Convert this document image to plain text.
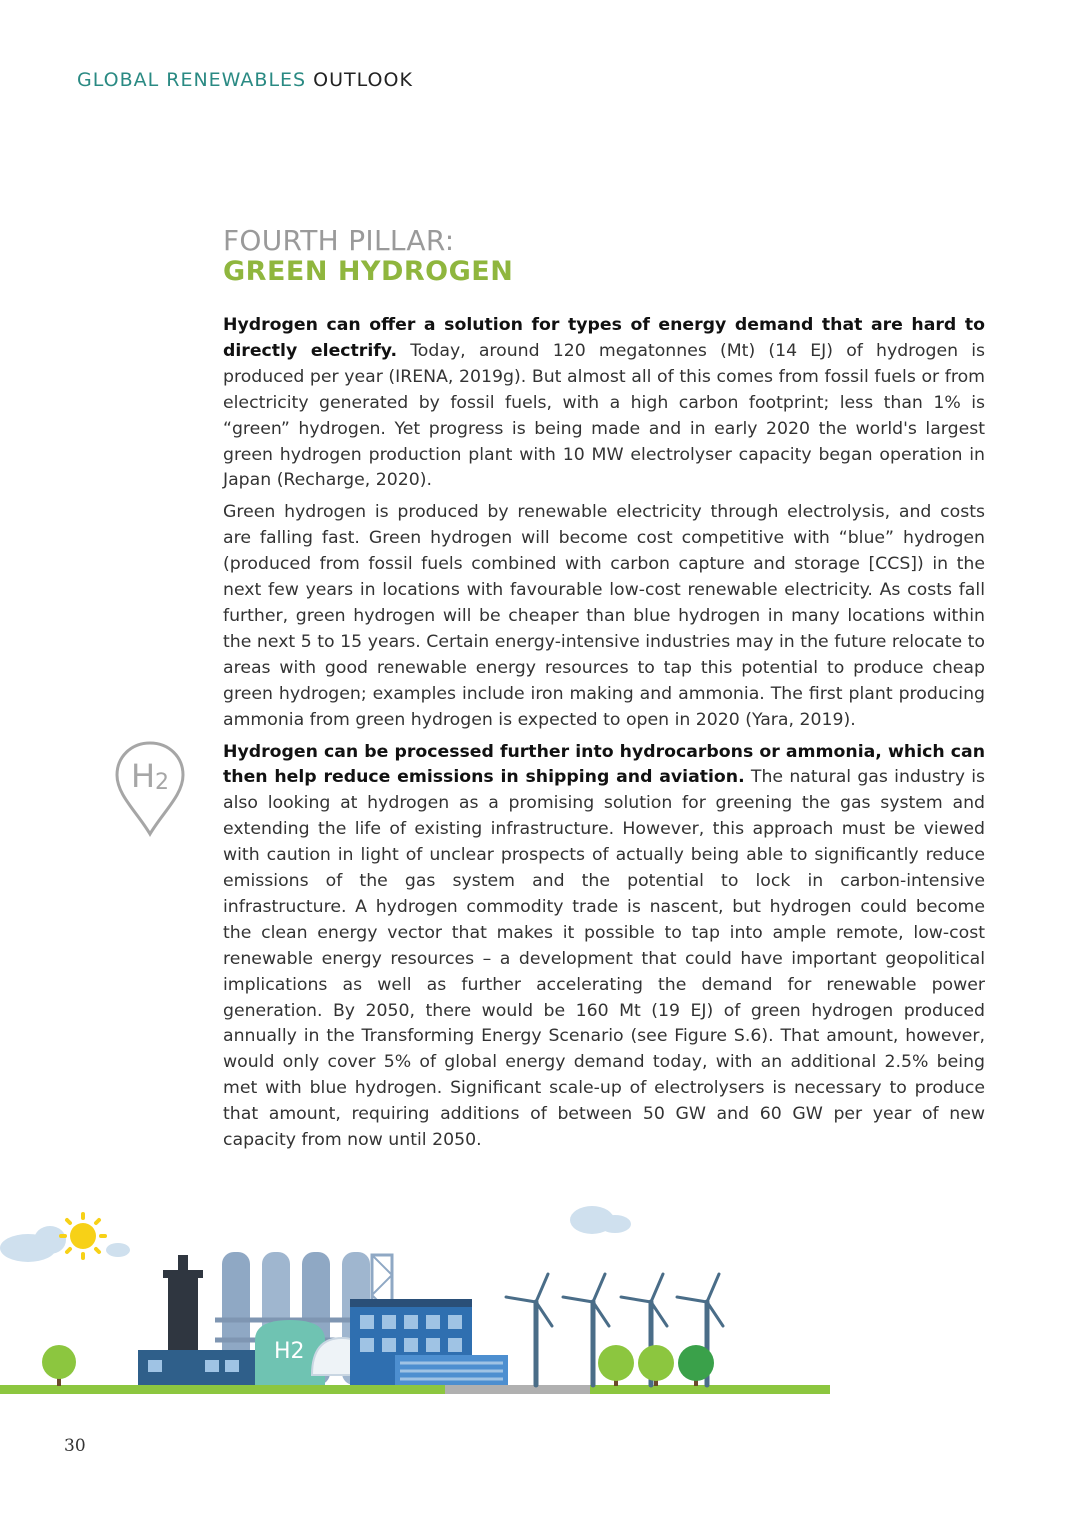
GLOBAL RENEWABLES OUTLOOK
FOURTH PILLAR:
GREEN HYDROGEN

Hydrogen can offer a solution for types of energy demand that are hard to directly electrify. Today, around 120 megatonnes (Mt) (14 EJ) of hydrogen is produced per year (IRENA, 2019g). But almost all of this comes from fossil fuels or from electricity generated by fossil fuels, with a high carbon footprint; less than 1% is “green” hydrogen. Yet progress is being made and in early 2020 the world's largest green hydrogen production plant with 10 MW electrolyser capacity began operation in Japan (Recharge, 2020).

Green hydrogen is produced by renewable electricity through electrolysis, and costs are falling fast. Green hydrogen will become cost competitive with “blue” hydrogen (produced from fossil fuels combined with carbon capture and storage [CCS]) in the next few years in locations with favourable low-cost renewable electricity. As costs fall further, green hydrogen will be cheaper than blue hydrogen in many locations within the next 5 to 15 years. Certain energy-intensive industries may in the future relocate to areas with good renewable energy resources to tap this potential to produce cheap green hydrogen; examples include iron making and ammonia. The first plant producing ammonia from green hydrogen is expected to open in 2020 (Yara, 2019).

Hydrogen can be processed further into hydrocarbons or ammonia, which can then help reduce emissions in shipping and aviation. The natural gas industry is also looking at hydrogen as a promising solution for greening the gas system and extending the life of existing infrastructure. However, this approach must be viewed with caution in light of unclear prospects of actually being able to significantly reduce emissions of the gas system and the potential to lock in carbon-intensive infrastructure. A hydrogen commodity trade is nascent, but hydrogen could become the clean energy vector that makes it possible to tap into ample remote, low-cost renewable energy resources – a development that could have important geopolitical implications as well as further accelerating the demand for renewable power generation. By 2050, there would be 160 Mt (19 EJ) of green hydrogen produced annually in the Transforming Energy Scenario (see Figure S.6). That amount, however, would only cover 5% of global energy demand today, with an additional 2.5% being met with blue hydrogen. Significant scale-up of electrolysers is necessary to produce that amount, requiring additions of between 50 GW and 60 GW per year of new capacity from now until 2050.

H 2
H2
30
